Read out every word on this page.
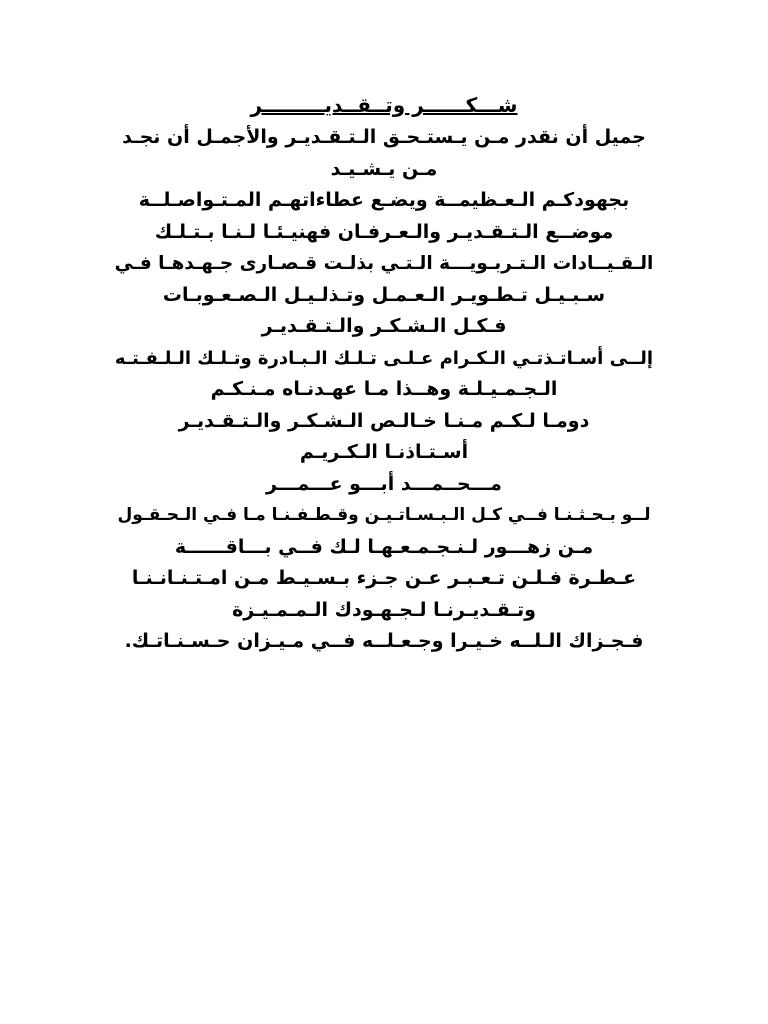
شـــكــــــر وتــقــديـــــــــر
جميل أن نقدر مـن يـستـحـق الـتـقـديـر والأجمـل أن نجـد
مـن يـشـيـد
بجهودكـم الـعـظيمــة ويضـع عطاءاتهـم المـتـواصـلــة
موضــع الـتـقـديـر والـعـرفـان فهنيـئـا لـنـا بـتـلـك
الـقـيــادات الـتـربـويـــة الـتـي بذلـت قـصـارى جـهـدهـا فـي
سـبـيـل تـطـويـر الـعـمـل وتـذلـيـل الـصـعـوبـات
فـكـل الـشـكـر والـتـقـديـر
إلــى أسـاتـذتـي الـكـرام عـلـى تـلـك الـبـادرة وتـلـك الـلـفـتـه
الـجـمـيـلـة وهــذا مـا عهـدنـاه مـنـكـم
دومـا لـكـم مـنـا خـالـص الـشـكـر والـتـقـديـر
أسـتـاذنـا الـكـريـم
مـــحــمـــد أبـــو عـــمـــر
لــو بـحـثـنـا فــي كـل الـبـسـاتـيـن وقـطـفـنـا مـا فـي الـحـقـول
مـن زهـــور لـنـجـمـعـهـا لـك فــي بـــاقــــــة
عـطـرة فـلـن تـعـبـر عـن جـزء بـسـيـط مـن امـتـنـانـنـا
وتـقـديـرنـا لـجـهـودك الـمـمـيـزة
فـجـزاك الـلــه خـيـرا وجـعـلــه فــي مـيـزان حـسـنـاتـك.
